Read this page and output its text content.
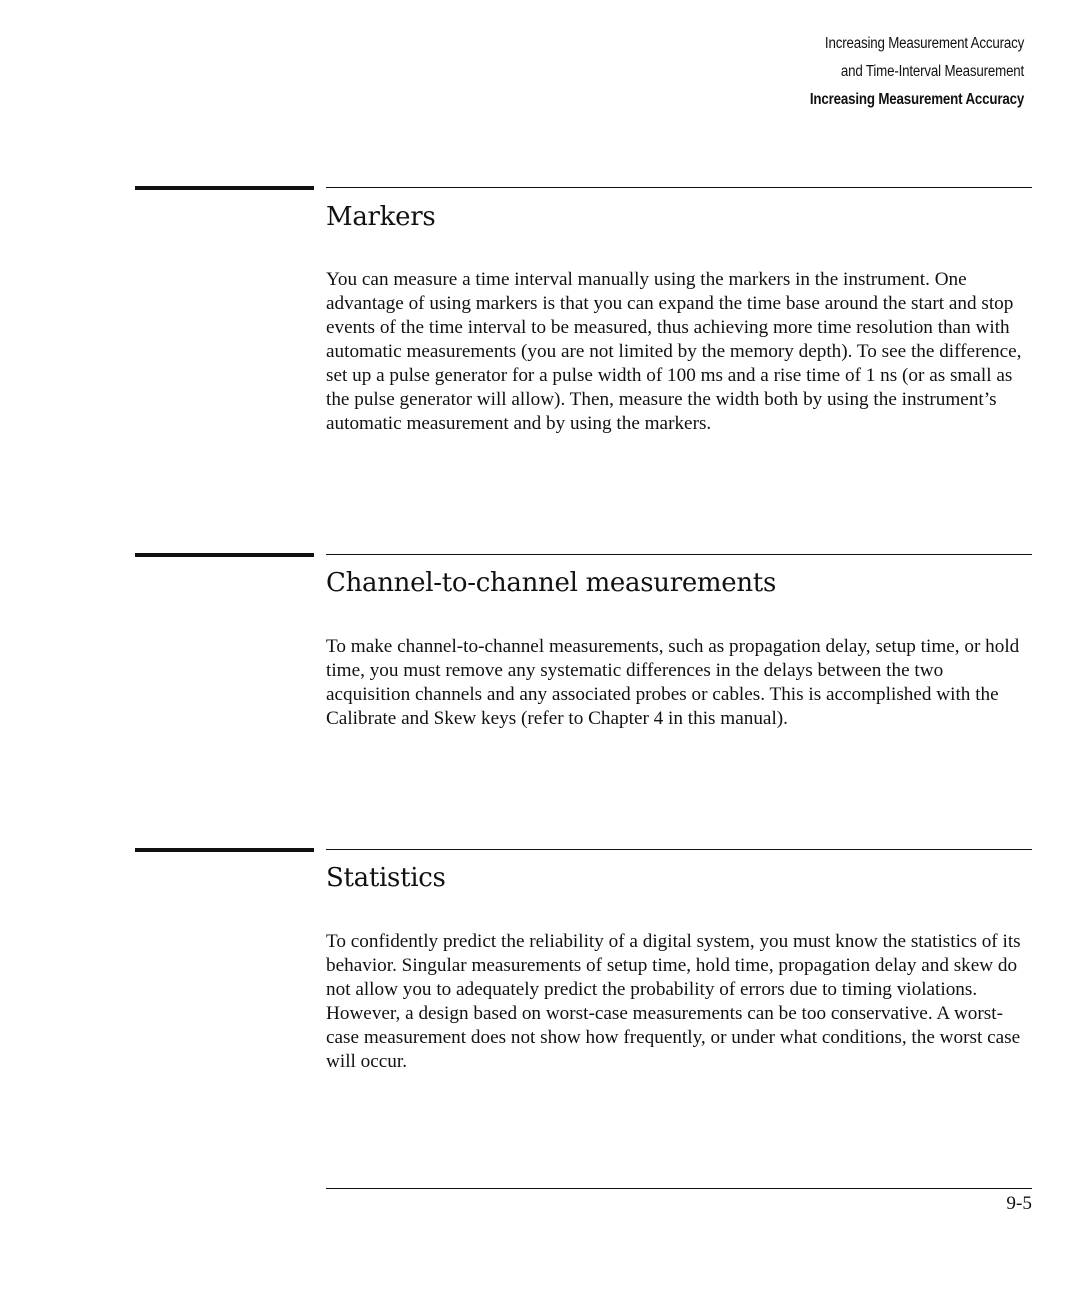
Increasing Measurement Accuracy
and Time-Interval Measurement
Increasing Measurement Accuracy
Markers

You can measure a time interval manually using the markers in the instrument. One advantage of using markers is that you can expand the time base around the start and stop events of the time interval to be measured, thus achieving more time resolution than with automatic measurements (you are not limited by the memory depth). To see the difference, set up a pulse generator for a pulse width of 100 ms and a rise time of 1 ns (or as small as the pulse generator will allow). Then, measure the width both by using the instrument’s automatic measurement and by using the markers.

Channel-to-channel measurements

To make channel-to-channel measurements, such as propagation delay, setup time, or hold time, you must remove any systematic differences in the delays between the two acquisition channels and any associated probes or cables. This is accomplished with the Calibrate and Skew keys (refer to Chapter 4 in this manual).

Statistics

To confidently predict the reliability of a digital system, you must know the statistics of its behavior. Singular measurements of setup time, hold time, propagation delay and skew do not allow you to adequately predict the probability of errors due to timing violations. However, a design based on worst-case measurements can be too conservative. A worst-case measurement does not show how frequently, or under what conditions, the worst case will occur.

9-5
